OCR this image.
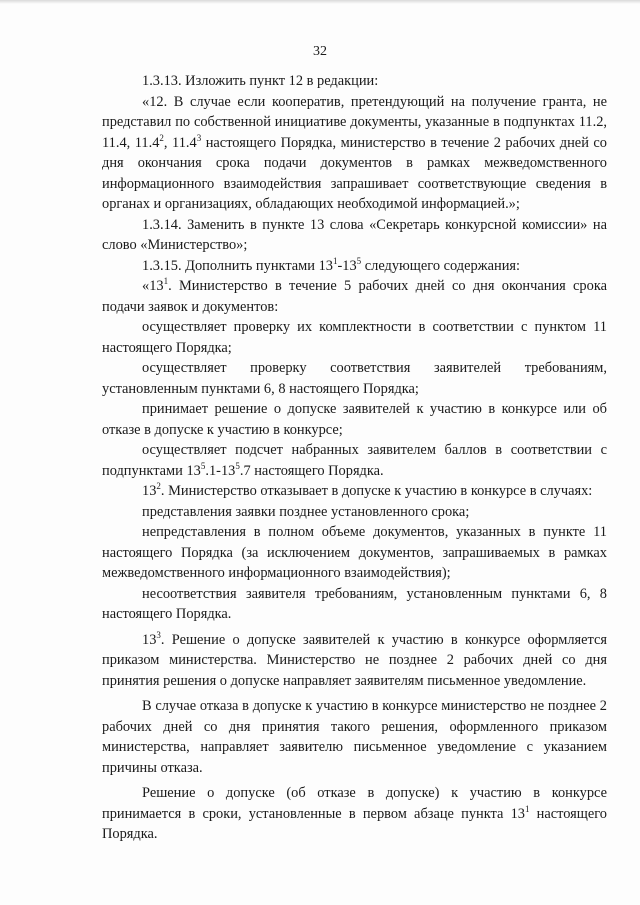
32

1.3.13. Изложить пункт 12 в редакции:

«12. В случае если кооператив, претендующий на получение гранта, не представил по собственной инициативе документы, указанные в подпунктах 11.2, 11.4, 11.4$^2$, 11.4$^3$ настоящего Порядка, министерство в течение 2 рабочих дней со дня окончания срока подачи документов в рамках межведомственного информационного взаимодействия запрашивает соответствующие сведения в органах и организациях, обладающих необходимой информацией.»;

1.3.14. Заменить в пункте 13 слова «Секретарь конкурсной комиссии» на слово «Министерство»;

1.3.15. Дополнить пунктами $13^1-13^5$ следующего содержания:

«$13^1$. Министерство в течение 5 рабочих дней со дня окончания срока подачи заявок и документов:

осуществляет проверку их комплектности в соответствии с пунктом 11 настоящего Порядка;

осуществляет проверку соответствия заявителей требованиям, установленным пунктами 6, 8 настоящего Порядка;

принимает решение о допуске заявителей к участию в конкурсе или об отказе в допуске к участию в конкурсе;

осуществляет подсчет набранных заявителем баллов в соответствии с подпунктами $13^5.1-13^5.7$ настоящего Порядка.

$13^2$. Министерство отказывает в допуске к участию в конкурсе в случаях:

представления заявки позднее установленного срока;

непредставления в полном объеме документов, указанных в пункте 11 настоящего Порядка (за исключением документов, запрашиваемых в рамках межведомственного информационного взаимодействия);

несоответствия заявителя требованиям, установленным пунктами 6, 8 настоящего Порядка.

$13^3$. Решение о допуске заявителей к участию в конкурсе оформляется приказом министерства. Министерство не позднее 2 рабочих дней со дня принятия решения о допуске направляет заявителям письменное уведомление.

В случае отказа в допуске к участию в конкурсе министерство не позднее 2 рабочих дней со дня принятия такого решения, оформленного приказом министерства, направляет заявителю письменное уведомление с указанием причины отказа.

Решение о допуске (об отказе в допуске) к участию в конкурсе принимается в сроки, установленные в первом абзаце пункта $13^1$ настоящего Порядка.
